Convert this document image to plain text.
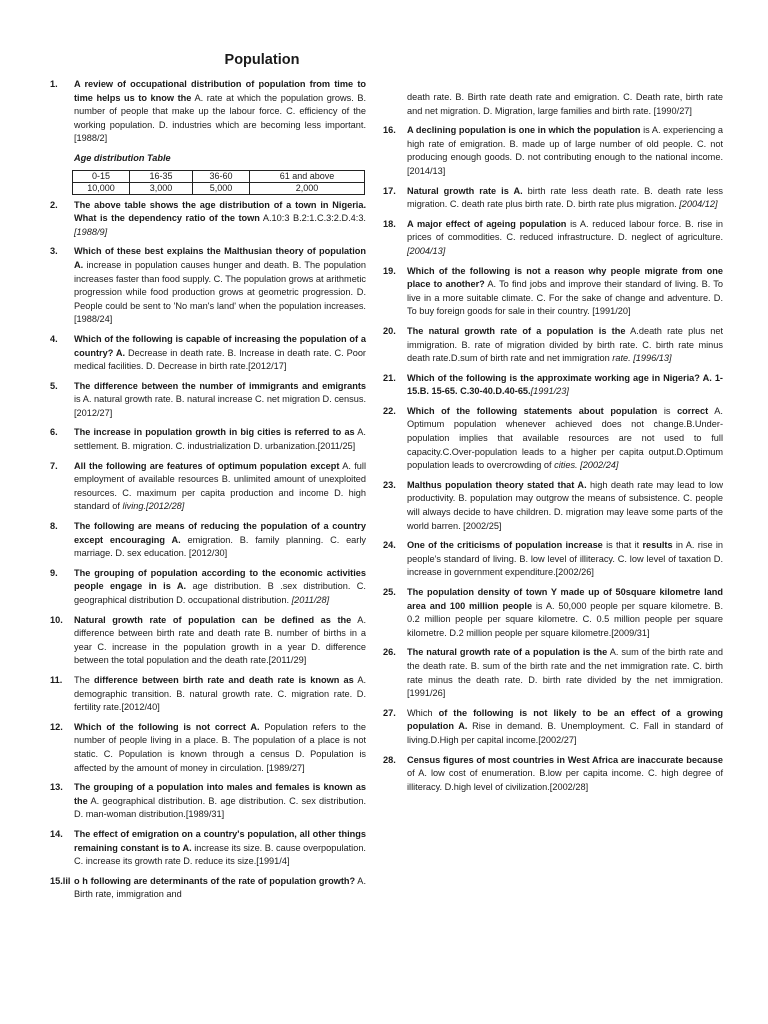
Population
1. A review of occupational distribution of population from time to time helps us to know the A. rate at which the population grows. B. number of people that make up the labour force. C. efficiency of the working population. D. industries which are becoming less important.[1988/2]
Age distribution Table
0-15	16-35	36-60	61 and above
10,000	3,000	5,000	2,000
2. The above table shows the age distribution of a town in Nigeria. What is the dependency ratio of the town A.10:3 B.2:1.C.3:2.D.4:3.[1988/9]
3. Which of these best explains the Malthusian theory of population A. increase in population causes hunger and death. B. The population increases faster than food supply. C. The population grows at arithmetic progression while food production grows at geometric progression. D. People could be sent to 'No man's land' when the population increases.[1988/24]
4. Which of the following is capable of increasing the population of a country? A. Decrease in death rate. B. Increase in death rate. C. Poor medical facilities. D. Decrease in birth rate.[2012/17]
5. The difference between the number of immigrants and emigrants is A. natural growth rate. B. natural increase C. net migration D. census.[2012/27]
6. The increase in population growth in big cities is referred to as A. settlement. B. migration. C. industrialization D. urbanization.[2011/25]
7. All the following are features of optimum population except A. full employment of available resources B. unlimited amount of unexploited resources. C. maximum per capita production and income D. high standard of living.[2012/28]
8. The following are means of reducing the population of a country except encouraging A. emigration. B. family planning. C. early marriage. D. sex education. [2012/30]
9. The grouping of population according to the economic activities people engage in is A. age distribution. B .sex distribution. C. geographical distribution D. occupational distribution. [2011/28]
10. Natural growth rate of population can be defined as the A. difference between birth rate and death rate B. number of births in a year C. increase in the population growth in a year D. difference between the total population and the death rate.[2011/29]
11. The difference between birth rate and death rate is known as A. demographic transition. B. natural growth rate. C. migration rate. D. fertility rate.[2012/40]
12. Which of the following is not correct A. Population refers to the number of people living in a place. B. The population of a place is not static. C. Population is known through a census D. Population is affected by the amount of money in circulation. [1989/27]
13. The grouping of a population into males and females is known as the A. geographical distribution. B. age distribution. C. sex distribution. D. man-woman distribution.[1989/31]
14. The effect of emigration on a country's population, all other things remaining constant is to A. increase its size. B. cause overpopulation. C. increase its growth rate D. reduce its size.[1991/4]
15.lil o h following are determinants of the rate of population growth? A. Birth rate, immigration and
death rate. B. Birth rate death rate and emigration. C. Death rate, birth rate and net migration. D. Migration, large families and birth rate. [1990/27]
16. A declining population is one in which the population is A. experiencing a high rate of emigration. B. made up of large number of old people. C. not producing enough goods. D. not contributing enough to the national income.[2014/13]
17. Natural growth rate is A. birth rate less death rate. B. death rate less migration. C. death rate plus birth rate. D. birth rate plus migration. [2004/12]
18. A major effect of ageing population is A. reduced labour force. B. rise in prices of commodities. C. reduced infrastructure. D. neglect of agriculture.[2004/13]
19. Which of the following is not a reason why people migrate from one place to another? A. To find jobs and improve their standard of living. B. To live in a more suitable climate. C. For the sake of change and adventure. D. To buy foreign goods for sale in their country. [1991/20]
20. The natural growth rate of a population is the A.death rate plus net immigration. B. rate of migration divided by birth rate. C. birth rate minus death rate.D.sum of birth rate and net immigration rate. [1996/13]
21. Which of the following is the approximate working age in Nigeria? A. 1-15.B. 15-65. C.30-40.D.40-65.[1991/23]
22. Which of the following statements about population is correct A. Optimum population whenever achieved does not change.B.Under-population implies that available resources are not used to full capacity.C.Over-population leads to a higher per capita output.D.Optimum population leads to overcrowding of cities. [2002/24]
23. Malthus population theory stated that A. high death rate may lead to low productivity. B. population may outgrow the means of subsistence. C. people will always decide to have children. D. migration may leave some parts of the world barren. [2002/25]
24. One of the criticisms of population increase is that it results in A. rise in people's standard of living. B. low level of illiteracy. C. low level of taxation D. increase in government expenditure.[2002/26]
25. The population density of town Y made up of 50square kilometre land area and 100 million people is A. 50,000 people per square kilometre. B. 0.2 million people per square kilometre. C. 0.5 million people per square kilometre. D.2 million people per square kilometre.[2009/31]
26. The natural growth rate of a population is the A. sum of the birth rate and the death rate. B. sum of the birth rate and the net immigration rate. C. birth rate minus the death rate. D. birth rate divided by the net immigration.[1991/26]
27. Which of the following is not likely to be an effect of a growing population A. Rise in demand. B. Unemployment. C. Fall in standard of living.D.High per capital income.[2002/27]
28. Census figures of most countries in West Africa are inaccurate because of A. low cost of enumeration. B.low per capita income. C. high degree of illiteracy. D.high level of civilization.[2002/28]
